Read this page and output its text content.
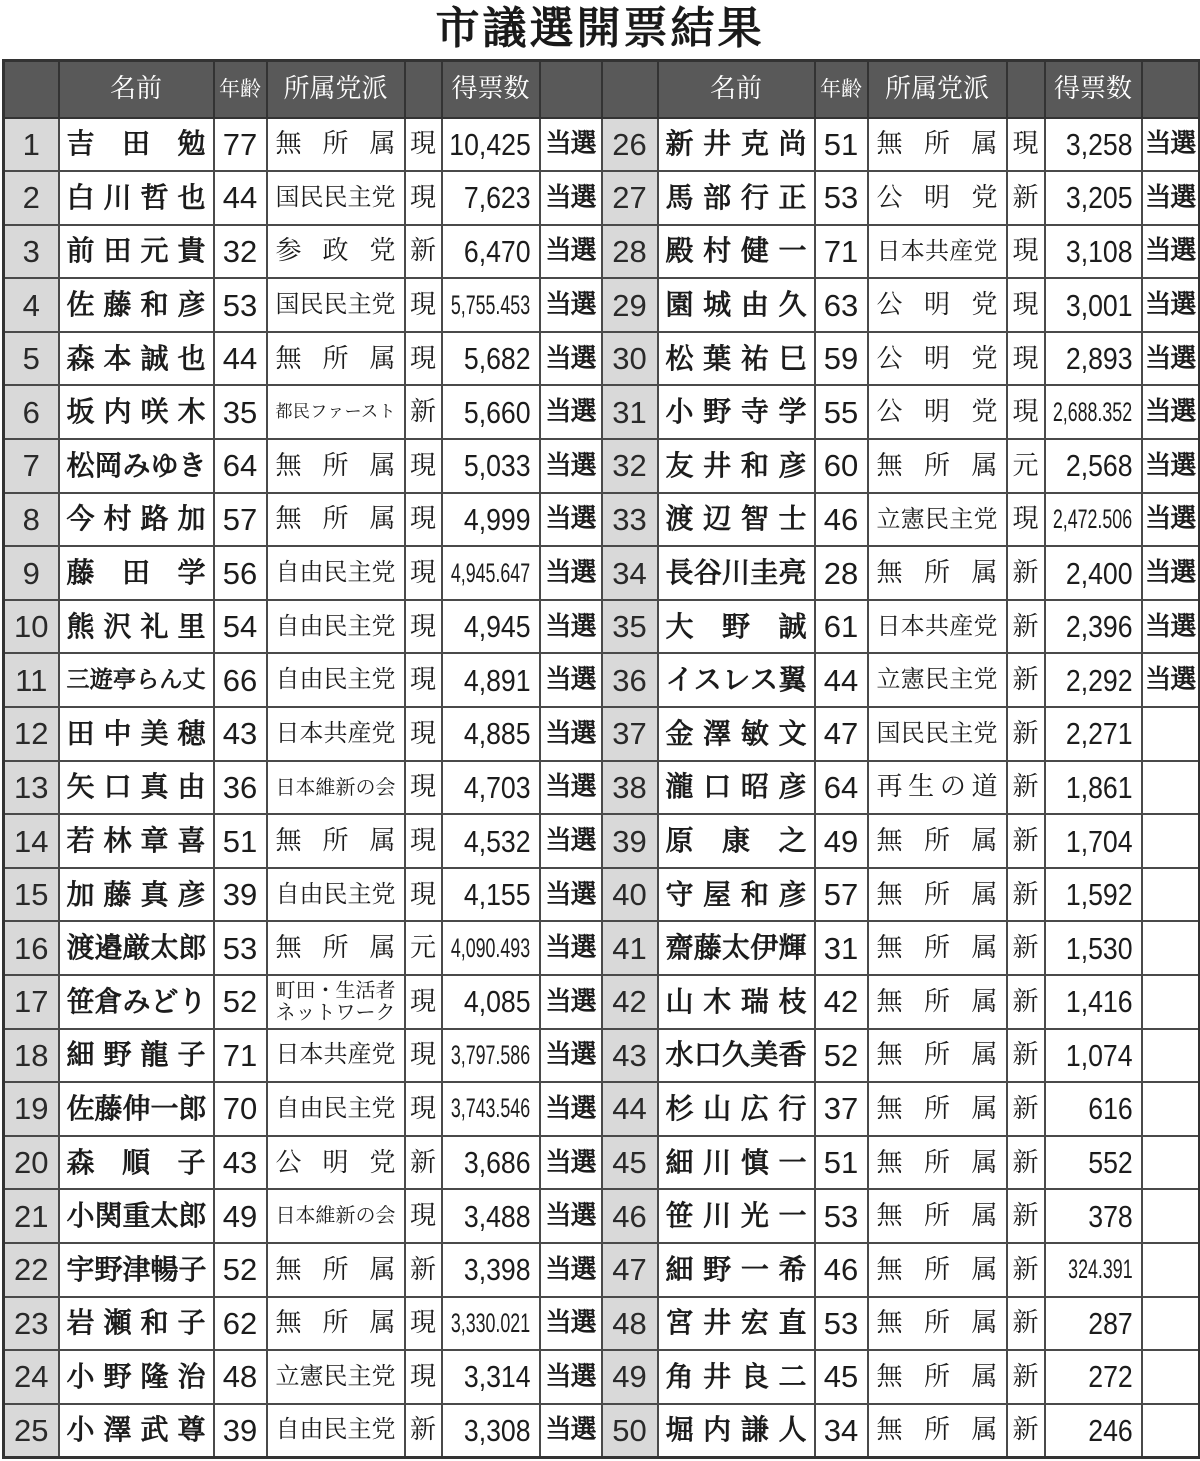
市議選開票結果
	名前	年齢	所属党派		得票数			名前	年齢	所属党派		得票数	
1	吉田勉	77	無所属	現	10,425	当選	26	新井克尚	51	無所属	現	3,258	当選
2	白川哲也	44	国民民主党	現	7,623	当選	27	馬部行正	53	公明党	新	3,205	当選
3	前田元貴	32	参政党	新	6,470	当選	28	殿村健一	71	日本共産党	現	3,108	当選
4	佐藤和彦	53	国民民主党	現	5,755.453	当選	29	園城由久	63	公明党	現	3,001	当選
5	森本誠也	44	無所属	現	5,682	当選	30	松葉祐巳	59	公明党	現	2,893	当選
6	坂内咲木	35	都民ファースト	新	5,660	当選	31	小野寺学	55	公明党	現	2,688.352	当選
7	松岡みゆき	64	無所属	現	5,033	当選	32	友井和彦	60	無所属	元	2,568	当選
8	今村路加	57	無所属	現	4,999	当選	33	渡辺智士	46	立憲民主党	現	2,472.506	当選
9	藤田学	56	自由民主党	現	4,945.647	当選	34	長谷川圭亮	28	無所属	新	2,400	当選
10	熊沢礼里	54	自由民主党	現	4,945	当選	35	大野誠	61	日本共産党	新	2,396	当選
11	三遊亭らん丈	66	自由民主党	現	4,891	当選	36	イスレス翼	44	立憲民主党	新	2,292	当選
12	田中美穂	43	日本共産党	現	4,885	当選	37	金澤敏文	47	国民民主党	新	2,271	

13	矢口真由	36	日本維新の会	現	4,703	当選	38	瀧口昭彦	64	再生の道	新	1,861	

14	若林章喜	51	無所属	現	4,532	当選	39	原康之	49	無所属	新	1,704	

15	加藤真彦	39	自由民主党	現	4,155	当選	40	守屋和彦	57	無所属	新	1,592	

16	渡邉厳太郎	53	無所属	元	4,090.493	当選	41	齋藤太伊輝	31	無所属	新	1,530	

17	笹倉みどり	52	町田・生活者ネットワーク	現	4,085	当選	42	山木瑞枝	42	無所属	新	1,416	

18	細野龍子	71	日本共産党	現	3,797.586	当選	43	水口久美香	52	無所属	新	1,074	

19	佐藤伸一郎	70	自由民主党	現	3,743.546	当選	44	杉山広行	37	無所属	新	616	

20	森順子	43	公明党	新	3,686	当選	45	細川慎一	51	無所属	新	552	

21	小関重太郎	49	日本維新の会	現	3,488	当選	46	笹川光一	53	無所属	新	378	

22	宇野津暢子	52	無所属	新	3,398	当選	47	細野一希	46	無所属	新	324.391	

23	岩瀬和子	62	無所属	現	3,330.021	当選	48	宮井宏直	53	無所属	新	287	

24	小野隆治	48	立憲民主党	現	3,314	当選	49	角井良二	45	無所属	新	272	

25	小澤武尊	39	自由民主党	新	3,308	当選	50	堀内謙人	34	無所属	新	246	
